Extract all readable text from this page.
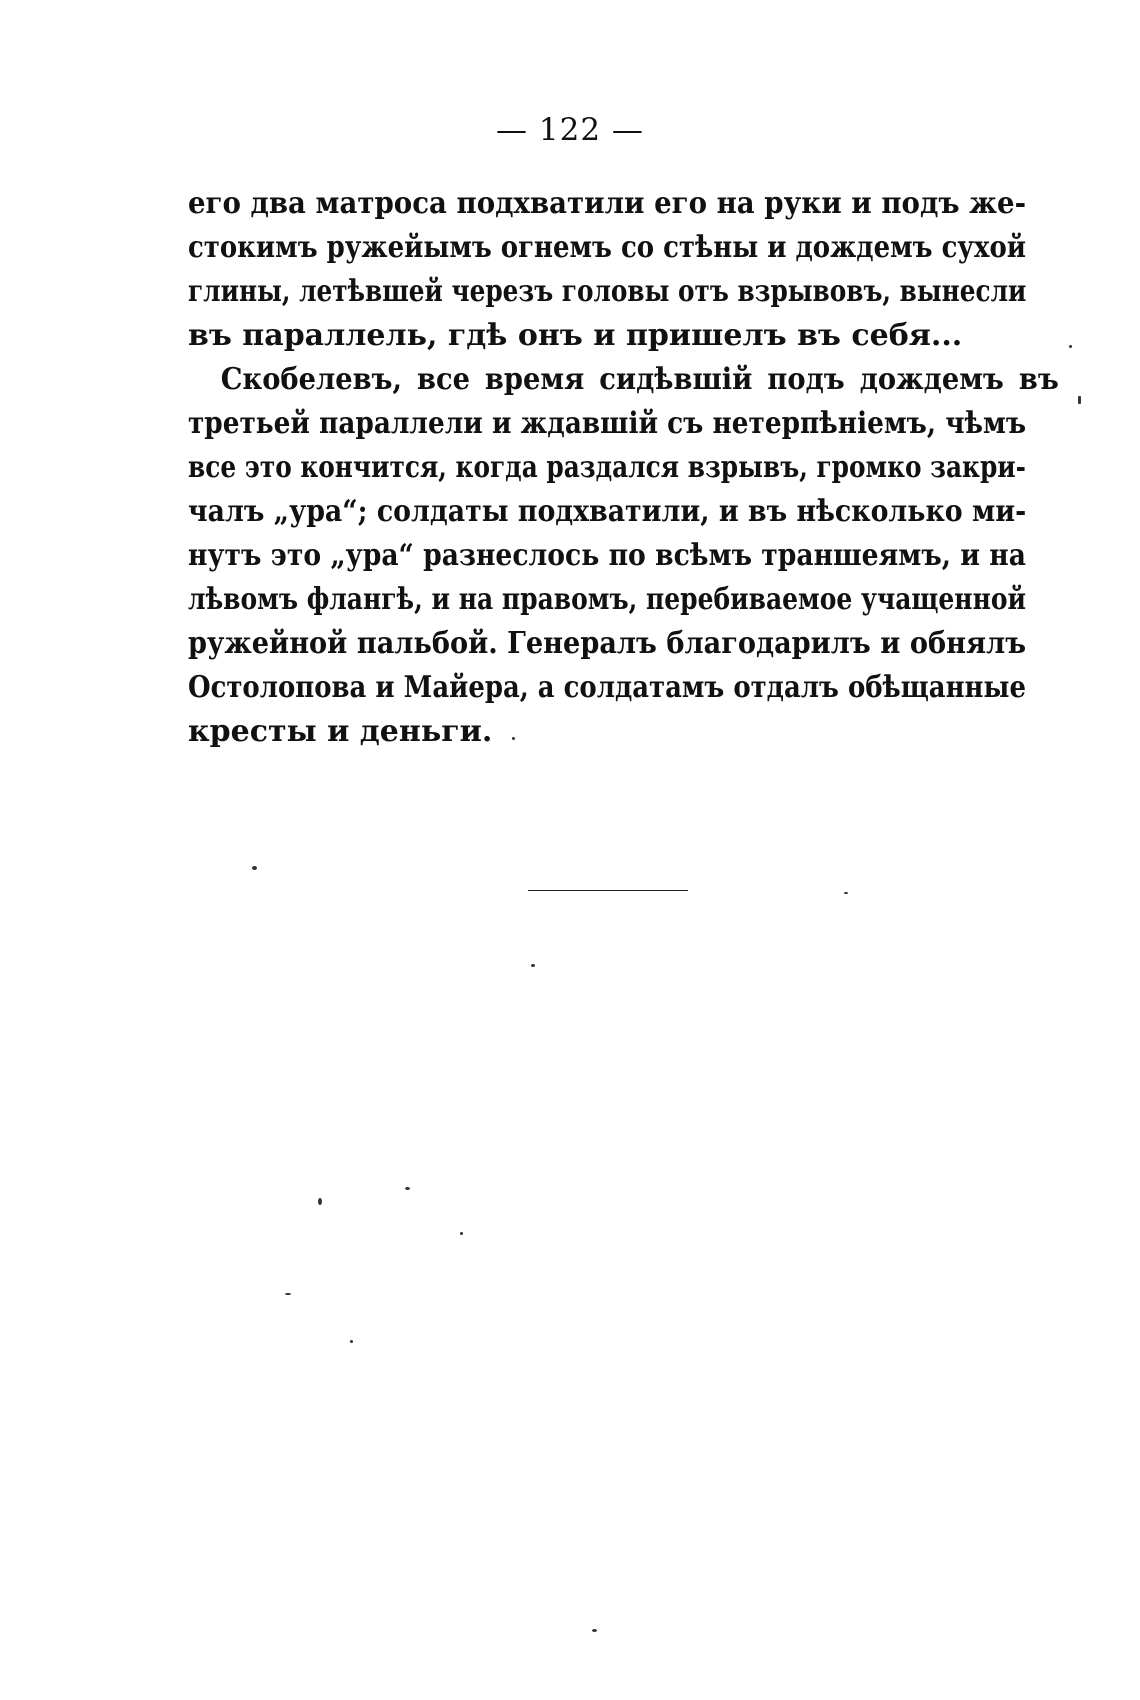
— 122 —
его два матроса подхватили его на руки и подъ же-
стокимъ ружейымъ огнемъ со стѣны и дождемъ сухой
глины, летѣвшей черезъ головы отъ взрывовъ, вынесли
въ параллель, гдѣ онъ и пришелъ въ себя...
Скобелевъ, все время сидѣвшій подъ дождемъ въ
третьей параллели и ждавшій съ нетерпѣніемъ, чѣмъ
все это кончится, когда раздался взрывъ, громко закри-
чалъ „ура“; солдаты подхватили, и въ нѣсколько ми-
нутъ это „ура“ разнеслось по всѣмъ траншеямъ, и на
лѣвомъ флангѣ, и на правомъ, перебиваемое учащенной
ружейной пальбой. Генералъ благодарилъ и обнялъ
Остолопова и Майера, а солдатамъ отдалъ обѣщанные
кресты и деньги.
